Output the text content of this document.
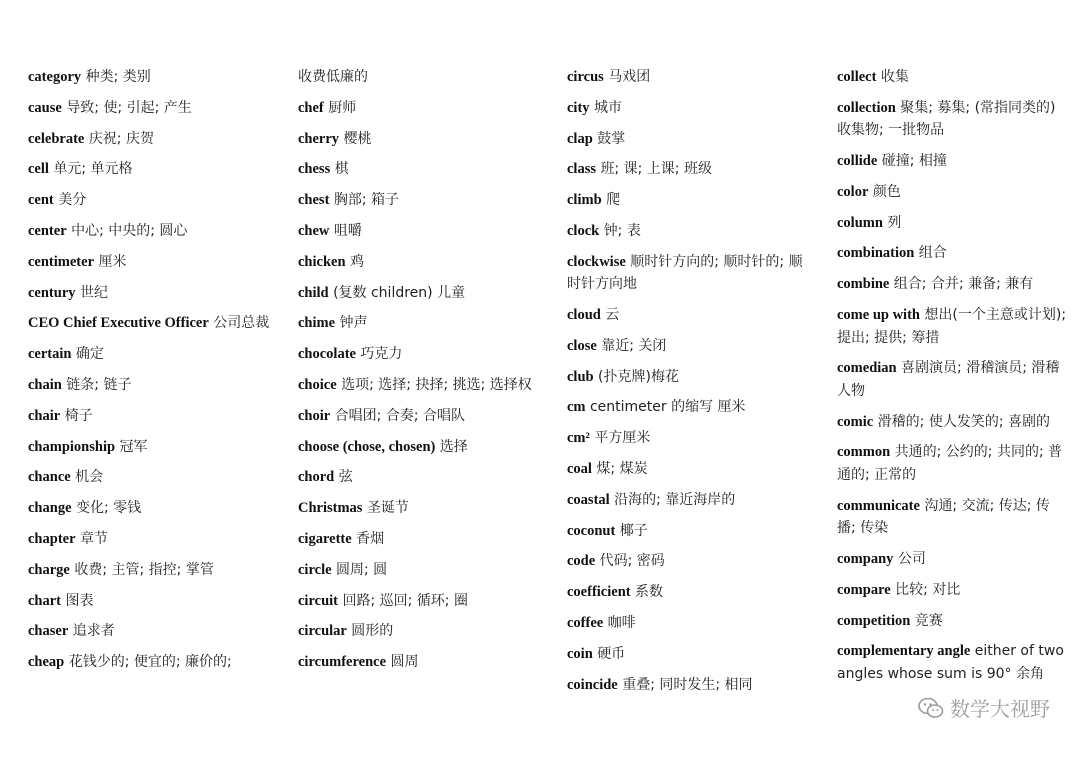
category 种类; 类别
cause 导致; 使; 引起; 产生
celebrate 庆祝; 庆贺
cell 单元; 单元格
cent 美分
center 中心; 中央的; 圆心
centimeter 厘米
century 世纪
CEO Chief Executive Officer 公司总裁
certain 确定
chain 链条; 链子
chair 椅子
championship 冠军
chance 机会
change 变化; 零钱
chapter 章节
charge 收费; 主管; 指控; 掌管
chart 图表
chaser 追求者
cheap 花钱少的; 便宜的; 廉价的;
收费低廉的
chef 厨师
cherry 樱桃
chess 棋
chest 胸部; 箱子
chew 咀嚼
chicken 鸡
child (复数 children) 儿童
chime 钟声
chocolate 巧克力
choice 选项; 选择; 抉择; 挑选; 选择权
choir 合唱团; 合奏; 合唱队
choose (chose, chosen) 选择
chord 弦
Christmas 圣诞节
cigarette 香烟
circle 圆周; 圆
circuit 回路; 巡回; 循环; 圈
circular 圆形的
circumference 圆周
circus 马戏团
city 城市
clap 鼓掌
class 班; 课; 上课; 班级
climb 爬
clock 钟; 表
clockwise 顺时针方向的; 顺时针的; 顺时针方向地
cloud 云
close 靠近; 关闭
club (扑克牌)梅花
cm centimeter 的缩写 厘米
cm² 平方厘米
coal 煤; 煤炭
coastal 沿海的; 靠近海岸的
coconut 椰子
code 代码; 密码
coefficient 系数
coffee 咖啡
coin 硬币
coincide 重叠; 同时发生; 相同
collect 收集
collection 聚集; 募集; (常指同类的)收集物; 一批物品
collide 碰撞; 相撞
color 颜色
column 列
combination 组合
combine 组合; 合并; 兼备; 兼有
come up with 想出(一个主意或计划); 提出; 提供; 筹措
comedian 喜剧演员; 滑稽演员; 滑稽人物
comic 滑稽的; 使人发笑的; 喜剧的
common 共通的; 公约的; 共同的; 普通的; 正常的
communicate 沟通; 交流; 传达; 传播; 传染
company 公司
compare 比较; 对比
competition 竞赛
complementary angle either of two angles whose sum is 90° 余角
数学大视野
